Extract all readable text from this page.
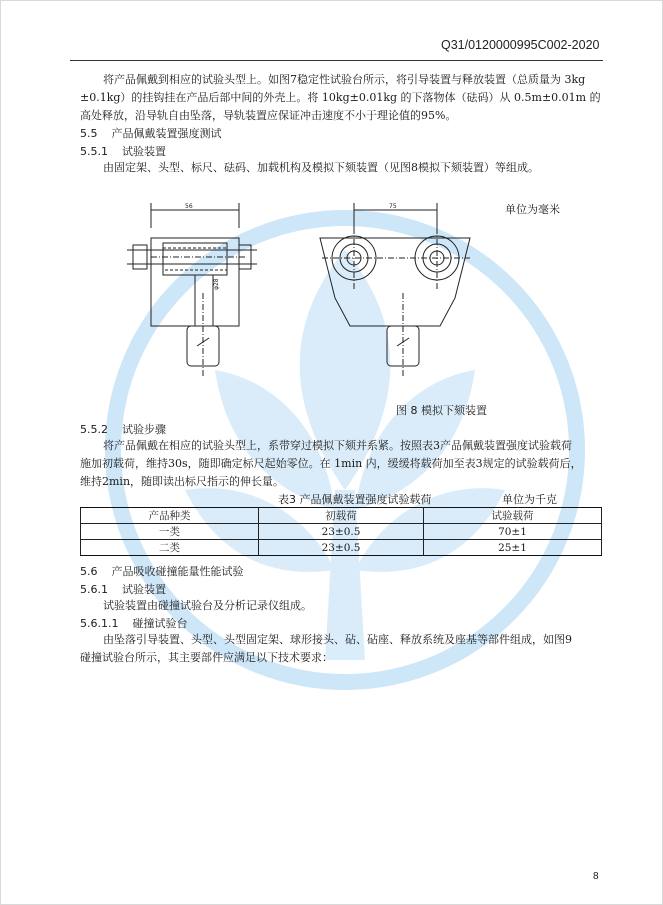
Q31/0120000995C002-2020
将产品佩戴到相应的试验头型上。如图7稳定性试验台所示，将引导装置与释放装置（总质量为 3kg
±0.1kg）的挂钩挂在产品后部中间的外壳上。将 10kg±0.01kg 的下落物体（砝码）从 0.5m±0.01m 的
高处释放，沿导轨自由坠落，导轨装置应保证冲击速度不小于理论值的95%。
5.5 产品佩戴装置强度测试
5.5.1 试验装置
由固定架、头型、标尺、砝码、加载机构及模拟下颏装置（见图8模拟下颏装置）等组成。
单位为毫米
56	75
φ28
图 8 模拟下颏装置
5.5.2 试验步骤
将产品佩戴在相应的试验头型上，系带穿过模拟下颏并系紧。按照表3产品佩戴装置强度试验载荷
施加初载荷，维持30s，随即确定标尺起始零位。在 1min 内，缓缓将载荷加至表3规定的试验载荷后，
维持2min，随即读出标尺指示的伸长量。
表3 产品佩戴装置强度试验载荷	单位为千克
产品种类	初载荷	试验载荷
一类	23±0.5	70±1
二类	23±0.5	25±1
5.6 产品吸收碰撞能量性能试验
5.6.1 试验装置
试验装置由碰撞试验台及分析记录仪组成。
5.6.1.1 碰撞试验台
由坠落引导装置、头型、头型固定架、球形接头、砧、砧座、释放系统及座基等部件组成，如图9
碰撞试验台所示，其主要部件应满足以下技术要求：
8
